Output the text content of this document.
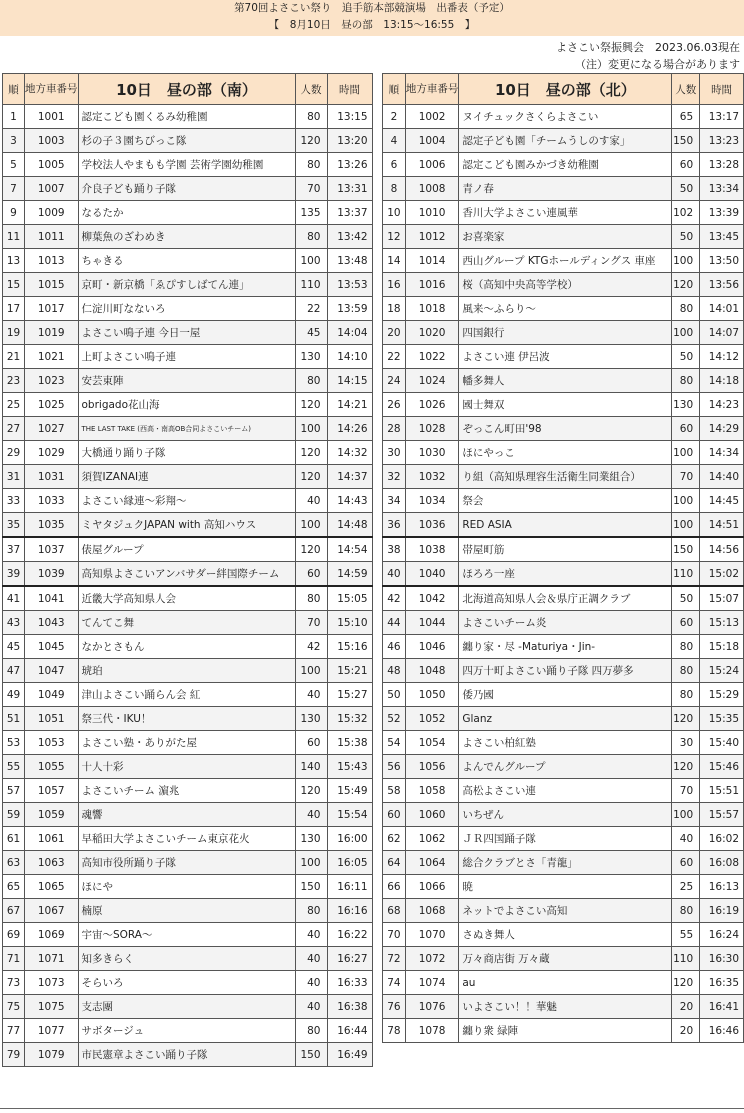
第70回よさこい祭り　追手筋本部競演場　出番表（予定）
【　8月10日　昼の部　13:15～16:55　】
よさこい祭振興会　2023.06.03現在
（注）変更になる場合があります
順	地方車番号	10日　昼の部（南）	人数	時間
1	1001	認定こども園くるみ幼稚園	80	13:15
3	1003	杉の子３園ちびっこ隊	120	13:20
5	1005	学校法人やまもも学園 芸術学園幼稚園	80	13:26
7	1007	介良子ども踊り子隊	70	13:31
9	1009	なるたか	135	13:37
11	1011	柳葉魚のざわめき	80	13:42
13	1013	ちゃきる	100	13:48
15	1015	京町・新京橋「ゑぴすしばてん連」	110	13:53
17	1017	仁淀川町なないろ	22	13:59
19	1019	よさこい鳴子連 今日一屋	45	14:04
21	1021	上町よさこい鳴子連	130	14:10
23	1023	安芸東陣	80	14:15
25	1025	obrigado花山海	120	14:21
27	1027	THE LAST TAKE (西高・南高OB合同よさこいチーム)	100	14:26
29	1029	大橋通り踊り子隊	120	14:32
31	1031	須賀IZANAI連	120	14:37
33	1033	よさこい縁連～彩翔～	40	14:43
35	1035	ミヤタジュクJAPAN with 高知ハウス	100	14:48
37	1037	俵屋グループ	120	14:54
39	1039	高知県よさこいアンバサダー絆国際チーム	60	14:59
41	1041	近畿大学高知県人会	80	15:05
43	1043	てんてこ舞	70	15:10
45	1045	なかとさもん	42	15:16
47	1047	琥珀	100	15:21
49	1049	津山よさこい踊らん会 紅	40	15:27
51	1051	祭三代・IKU！	130	15:32
53	1053	よさこい塾・ありがた屋	60	15:38
55	1055	十人十彩	140	15:43
57	1057	よさこいチーム 濵兆	120	15:49
59	1059	魂響	40	15:54
61	1061	早稲田大学よさこいチーム東京花火	130	16:00
63	1063	高知市役所踊り子隊	100	16:05
65	1065	ほにや	150	16:11
67	1067	楠原	80	16:16
69	1069	宇宙～SORA～	40	16:22
71	1071	知多きらく	40	16:27
73	1073	そらいろ	40	16:33
75	1075	支志團	40	16:38
77	1077	サボタージュ	80	16:44
79	1079	市民憲章よさこい踊り子隊	150	16:49
順	地方車番号	10日　昼の部（北）	人数	時間
2	1002	ヌイチュックさくらよさこい	65	13:17
4	1004	認定子ども園「チームうしのす家」	150	13:23
6	1006	認定こども園みかづき幼稚園	60	13:28
8	1008	青ノ春	50	13:34
10	1010	香川大学よさこい連風華	102	13:39
12	1012	お喜楽家	50	13:45
14	1014	西山グループ KTGホールディングス 車座	100	13:50
16	1016	桜（高知中央高等学校）	120	13:56
18	1018	風来～ふらり～	80	14:01
20	1020	四国銀行	100	14:07
22	1022	よさこい連 伊呂波	50	14:12
24	1024	幡多舞人	80	14:18
26	1026	國士舞双	130	14:23
28	1028	ぞっこん町田'98	60	14:29
30	1030	ほにやっこ	100	14:34
32	1032	り組（高知県理容生活衛生同業組合）	70	14:40
34	1034	祭会	100	14:45
36	1036	RED ASIA	100	14:51
38	1038	帯屋町筋	150	14:56
40	1040	ほろろ一座	110	15:02
42	1042	北海道高知県人会＆県庁正調クラブ	50	15:07
44	1044	よさこいチーム炎	60	15:13
46	1046	纏り家・尽 -Maturiya・Jin-	80	15:18
48	1048	四万十町よさこい踊り子隊 四万夢多	80	15:24
50	1050	倭乃國	80	15:29
52	1052	Glanz	120	15:35
54	1054	よさこい柏紅塾	30	15:40
56	1056	よんでんグループ	120	15:46
58	1058	高松よさこい連	70	15:51
60	1060	いちぜん	100	15:57
62	1062	ＪＲ四国踊子隊	40	16:02
64	1064	総合クラブとさ「青龍」	60	16:08
66	1066	暁	25	16:13
68	1068	ネットでよさこい高知	80	16:19
70	1070	さぬき舞人	55	16:24
72	1072	万々商店街 万々蔵	110	16:30
74	1074	au	120	16:35
76	1076	いよさこい！！華魅	20	16:41
78	1078	纏り衆 緑陣	20	16:46
